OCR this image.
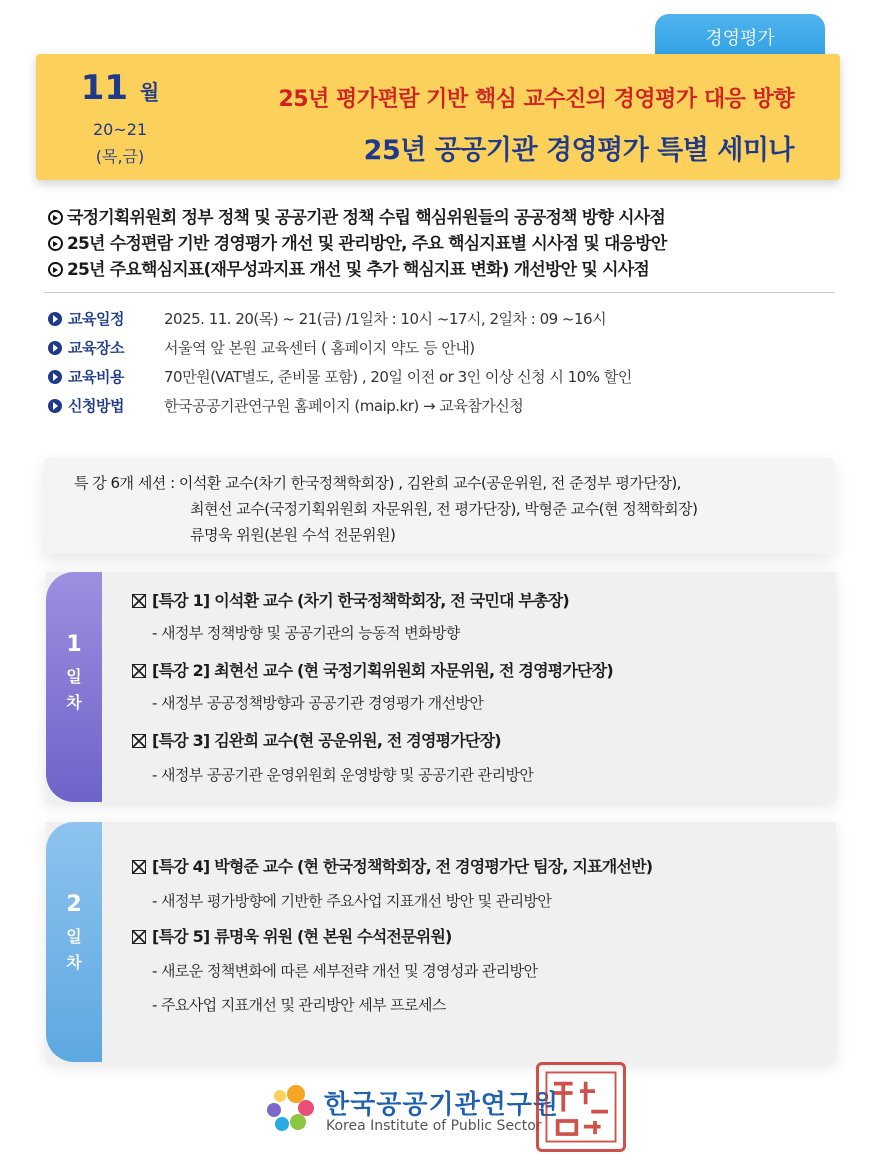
경영평가
11 월
20~21
(목,금)
25년 평가편람 기반 핵심 교수진의 경영평가 대응 방향
25년 공공기관 경영평가 특별 세미나
국정기획위원회 정부 정책 및 공공기관 정책 수립 핵심위원들의 공공정책 방향 시사점
25년 수정편람 기반 경영평가 개선 및 관리방안, 주요 핵심지표별 시사점 및 대응방안
25년 주요핵심지표(재무성과지표 개선 및 추가 핵심지표 변화) 개선방안 및 시사점
교육일정	2025. 11. 20(목) ~ 21(금) /1일차 : 10시 ~17시, 2일차 : 09 ~16시
교육장소	서울역 앞 본원 교육센터 ( 홈페이지 약도 등 안내)
교육비용	70만원(VAT별도, 준비물 포함) , 20일 이전 or 3인 이상 신청 시 10% 할인
신청방법	한국공공기관연구원 홈페이지 (maip.kr) → 교육참가신청
특 강 6개 세션 : 이석환 교수(차기 한국정책학회장) , 김완희 교수(공운위원, 전 준정부 평가단장),
최현선 교수(국정기획위원회 자문위원, 전 평가단장), 박형준 교수(현 정책학회장)
류명욱 위원(본원 수석 전문위원)
1
일
차
[특강 1] 이석환 교수 (차기 한국정책학회장, 전 국민대 부총장)
- 새정부 정책방향 및 공공기관의 능동적 변화방향
[특강 2] 최현선 교수 (현 국정기획위원회 자문위원, 전 경영평가단장)
- 새정부 공공정책방향과 공공기관 경영평가 개선방안
[특강 3] 김완희 교수(현 공운위원, 전 경영평가단장)
- 새정부 공공기관 운영위원회 운영방향 및 공공기관 관리방안
2
일
차
[특강 4] 박형준 교수 (현 한국정책학회장, 전 경영평가단 팀장, 지표개선반)
- 새정부 평가방향에 기반한 주요사업 지표개선 방안 및 관리방안
[특강 5] 류명욱 위원 (현 본원 수석전문위원)
- 새로운 정책변화에 따른 세부전략 개선 및 경영성과 관리방안
- 주요사업 지표개선 및 관리방안 세부 프로세스
한국공공기관연구원
Korea Institute of Public Sector
